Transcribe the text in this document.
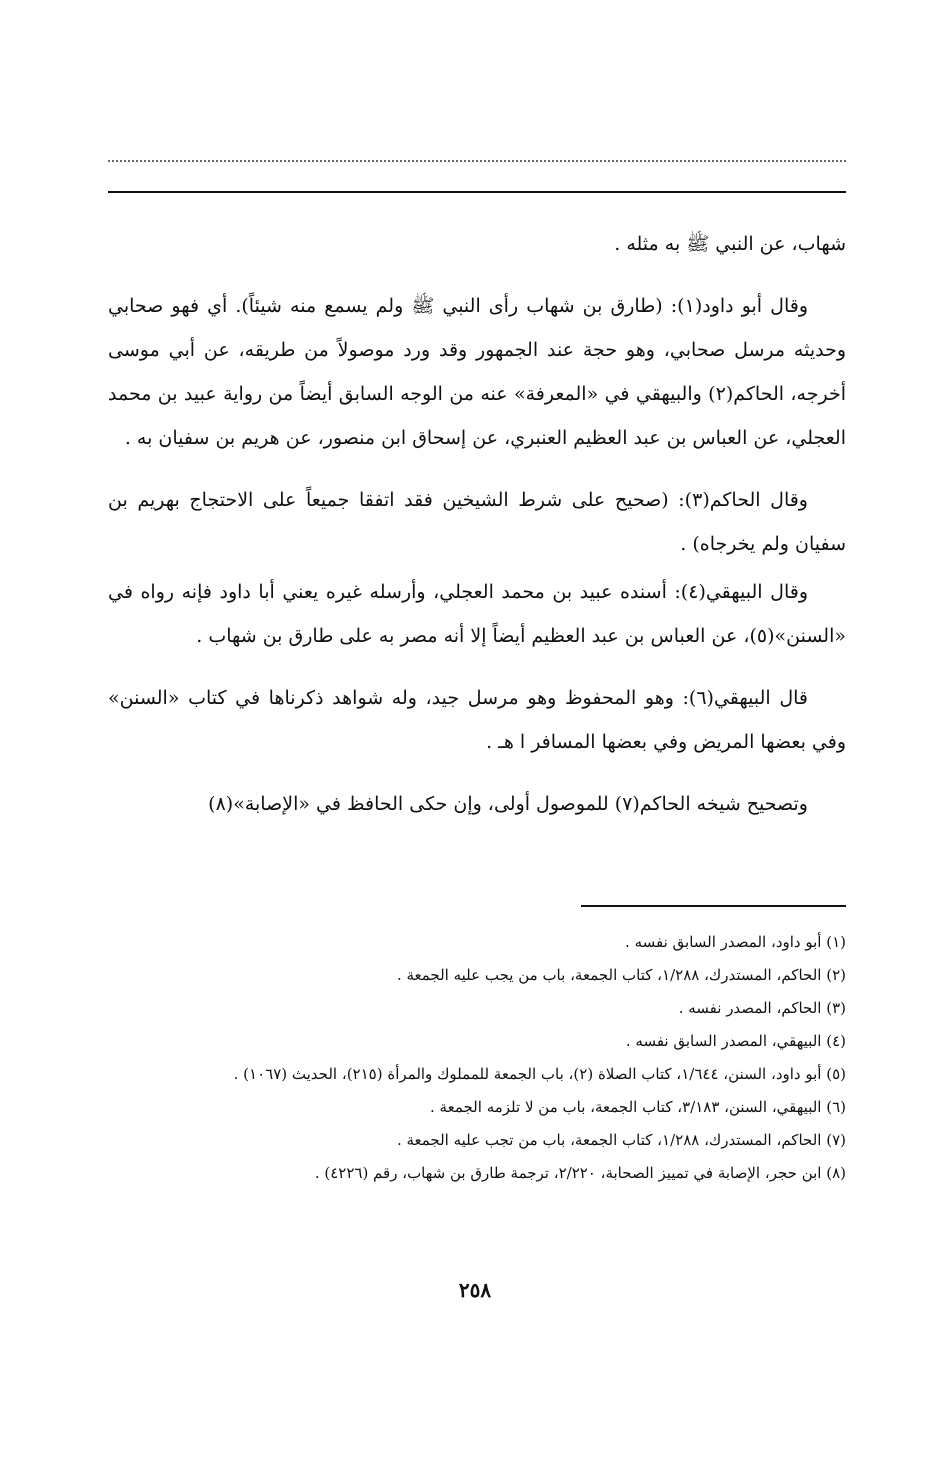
شهاب، عن النبي ﷺ به مثله .

وقال أبو داود(١): (طارق بن شهاب رأى النبي ﷺ ولم يسمع منه شيئاً). أي فهو صحابي وحديثه مرسل صحابي، وهو حجة عند الجمهور وقد ورد موصولاً من طريقه، عن أبي موسى أخرجه، الحاكم(٢) والبيهقي في «المعرفة» عنه من الوجه السابق أيضاً من رواية عبيد بن محمد العجلي، عن العباس بن عبد العظيم العنبري، عن إسحاق ابن منصور، عن هريم بن سفيان به .

وقال الحاكم(٣): (صحيح على شرط الشيخين فقد اتفقا جميعاً على الاحتجاج بهريم بن سفيان ولم يخرجاه) .

وقال البيهقي(٤): أسنده عبيد بن محمد العجلي، وأرسله غيره يعني أبا داود فإنه رواه في «السنن»(٥)، عن العباس بن عبد العظيم أيضاً إلا أنه مصر به على طارق بن شهاب .

قال البيهقي(٦): وهو المحفوظ وهو مرسل جيد، وله شواهد ذكرناها في كتاب «السنن» وفي بعضها المريض وفي بعضها المسافر ا هـ .

وتصحيح شيخه الحاكم(٧) للموصول أولى، وإن حكى الحافظ في «الإصابة»(٨)

(١) أبو داود، المصدر السابق نفسه .
(٢) الحاكم، المستدرك، ١/٢٨٨، كتاب الجمعة، باب من يجب عليه الجمعة .
(٣) الحاكم، المصدر نفسه .
(٤) البيهقي، المصدر السابق نفسه .
(٥) أبو داود، السنن، ١/٦٤٤، كتاب الصلاة (٢)، باب الجمعة للمملوك والمرأة (٢١٥)، الحديث (١٠٦٧) .
(٦) البيهقي، السنن، ٣/١٨٣، كتاب الجمعة، باب من لا تلزمه الجمعة .
(٧) الحاكم، المستدرك، ١/٢٨٨، كتاب الجمعة، باب من تجب عليه الجمعة .
(٨) ابن حجر، الإصابة في تمييز الصحابة، ٢/٢٢٠، ترجمة طارق بن شهاب، رقم (٤٢٢٦) .
٢٥٨
